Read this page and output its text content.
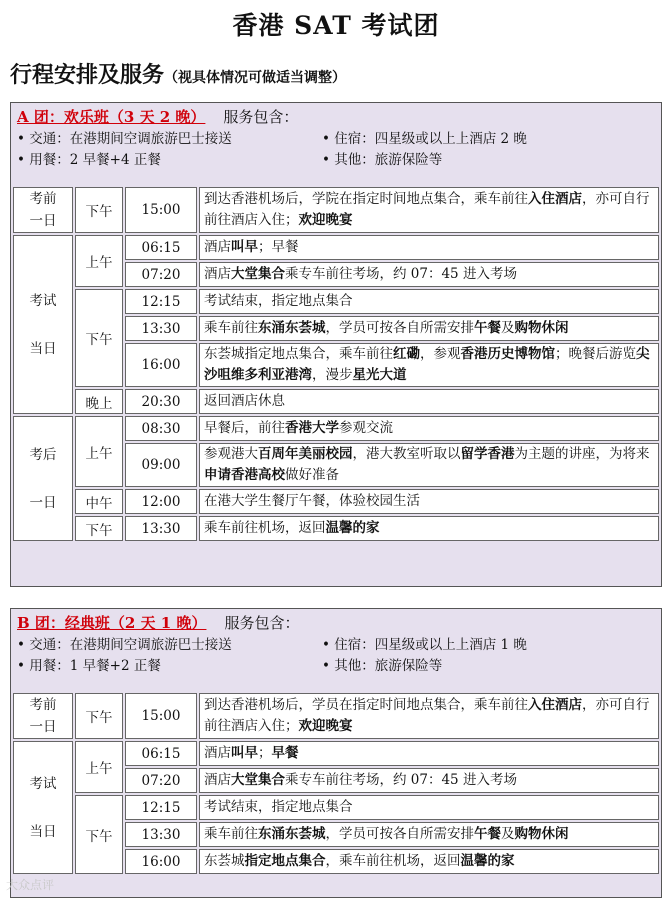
香港 SAT 考试团
行程安排及服务（视具体情况可做适当调整）
A 团：欢乐班（3 天 2 晚） 服务包含：
• 交通：在港期间空调旅游巴士接送	• 住宿：四星级或以上上酒店 2 晚
• 用餐：2 早餐+4 正餐	• 其他：旅游保险等
考前
一日	下午	15:00	到达香港机场后，学院在指定时间地点集合，乘车前往入住酒店，亦可自行前往酒店入住；欢迎晚宴

考试
当日	上午	06:15	酒店叫早；早餐
		07:20	酒店大堂集合乘专车前往考场，约 07：45 进入考场
	下午	12:15	考试结束，指定地点集合
		13:30	乘车前往东涌东荟城，学员可按各自所需安排午餐及购物休闲
		16:00	东荟城指定地点集合，乘车前往红磡，参观香港历史博物馆；晚餐后游览尖沙咀维多利亚港湾，漫步星光大道
	晚上	20:30	返回酒店休息

考后
一日	上午	08:30	早餐后，前往香港大学参观交流
		09:00	参观港大百周年美丽校园，港大教室听取以留学香港为主题的讲座，为将来申请香港高校做好准备
	中午	12:00	在港大学生餐厅午餐，体验校园生活
	下午	13:30	乘车前往机场，返回温馨的家
B 团：经典班（2 天 1 晚） 服务包含：
• 交通：在港期间空调旅游巴士接送	• 住宿：四星级或以上上酒店 1 晚
• 用餐：1 早餐+2 正餐	• 其他：旅游保险等
考前
一日	下午	15:00	到达香港机场后，学员在指定时间地点集合，乘车前往入住酒店，亦可自行前往酒店入住；欢迎晚宴

考试
当日	上午	06:15	酒店叫早；早餐
		07:20	酒店大堂集合乘专车前往考场，约 07：45 进入考场
	下午	12:15	考试结束，指定地点集合
		13:30	乘车前往东涌东荟城，学员可按各自所需安排午餐及购物休闲
		16:00	东荟城指定地点集合，乘车前往机场，返回温馨的家
大众点评
